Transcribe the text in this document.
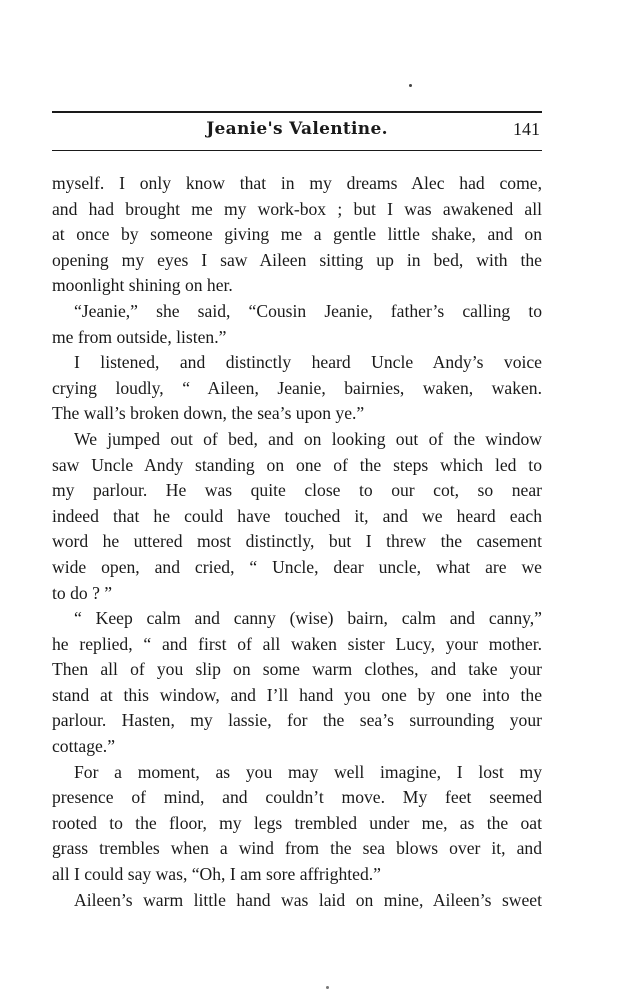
Jeanie's Valentine.	141
myself. I only know that in my dreams Alec had come,
and had brought me my work-box ; but I was awakened all
at once by someone giving me a gentle little shake, and on
opening my eyes I saw Aileen sitting up in bed, with the
moonlight shining on her.
“Jeanie,” she said, “Cousin Jeanie, father’s calling to
me from outside, listen.”
I listened, and distinctly heard Uncle Andy’s voice
crying loudly, “ Aileen, Jeanie, bairnies, waken, waken.
The wall’s broken down, the sea’s upon ye.”
We jumped out of bed, and on looking out of the window
saw Uncle Andy standing on one of the steps which led to
my parlour. He was quite close to our cot, so near
indeed that he could have touched it, and we heard each
word he uttered most distinctly, but I threw the casement
wide open, and cried, “ Uncle, dear uncle, what are we
to do ? ”
“ Keep calm and canny (wise) bairn, calm and canny,”
he replied, “ and first of all waken sister Lucy, your mother.
Then all of you slip on some warm clothes, and take your
stand at this window, and I’ll hand you one by one into the
parlour. Hasten, my lassie, for the sea’s surrounding your
cottage.”
For a moment, as you may well imagine, I lost my
presence of mind, and couldn’t move. My feet seemed
rooted to the floor, my legs trembled under me, as the oat
grass trembles when a wind from the sea blows over it, and
all I could say was, “Oh, I am sore affrighted.”
Aileen’s warm little hand was laid on mine, Aileen’s sweet
